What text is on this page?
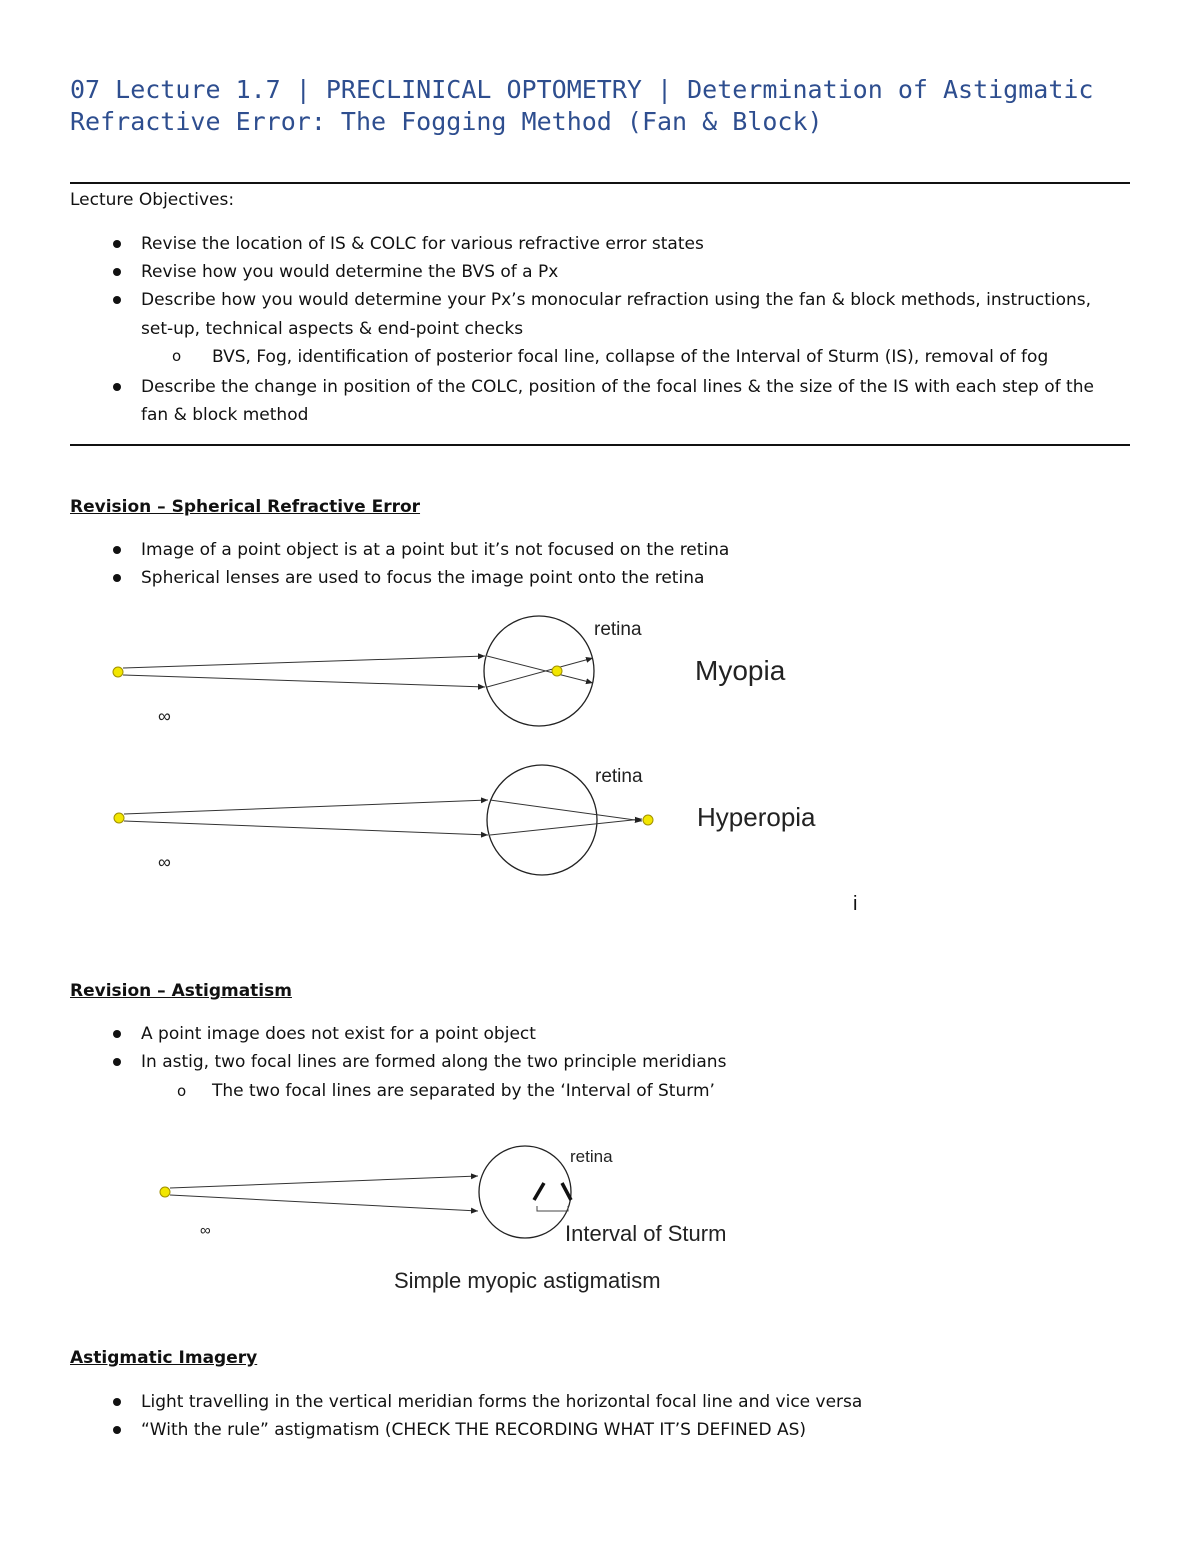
07 Lecture 1.7 | PRECLINICAL OPTOMETRY | Determination of Astigmatic
Refractive Error: The Fogging Method (Fan & Block)
Lecture Objectives:
Revise the location of IS & COLC for various refractive error states
Revise how you would determine the BVS of a Px
Describe how you would determine your Px’s monocular refraction using the fan & block methods, instructions,
set-up, technical aspects & end-point checks
o BVS, Fog, identification of posterior focal line, collapse of the Interval of Sturm (IS), removal of fog
Describe the change in position of the COLC, position of the focal lines & the size of the IS with each step of the
fan & block method
Revision – Spherical Refractive Error
Image of a point object is at a point but it’s not focused on the retina
Spherical lenses are used to focus the image point onto the retina
retina
Myopia
∞
retina
Hyperopia
∞
i
Revision – Astigmatism
A point image does not exist for a point object
In astig, two focal lines are formed along the two principle meridians
o The two focal lines are separated by the ‘Interval of Sturm’
retina
Interval of Sturm
∞
Simple myopic astigmatism
Astigmatic Imagery
Light travelling in the vertical meridian forms the horizontal focal line and vice versa
“With the rule” astigmatism (CHECK THE RECORDING WHAT IT’S DEFINED AS)
